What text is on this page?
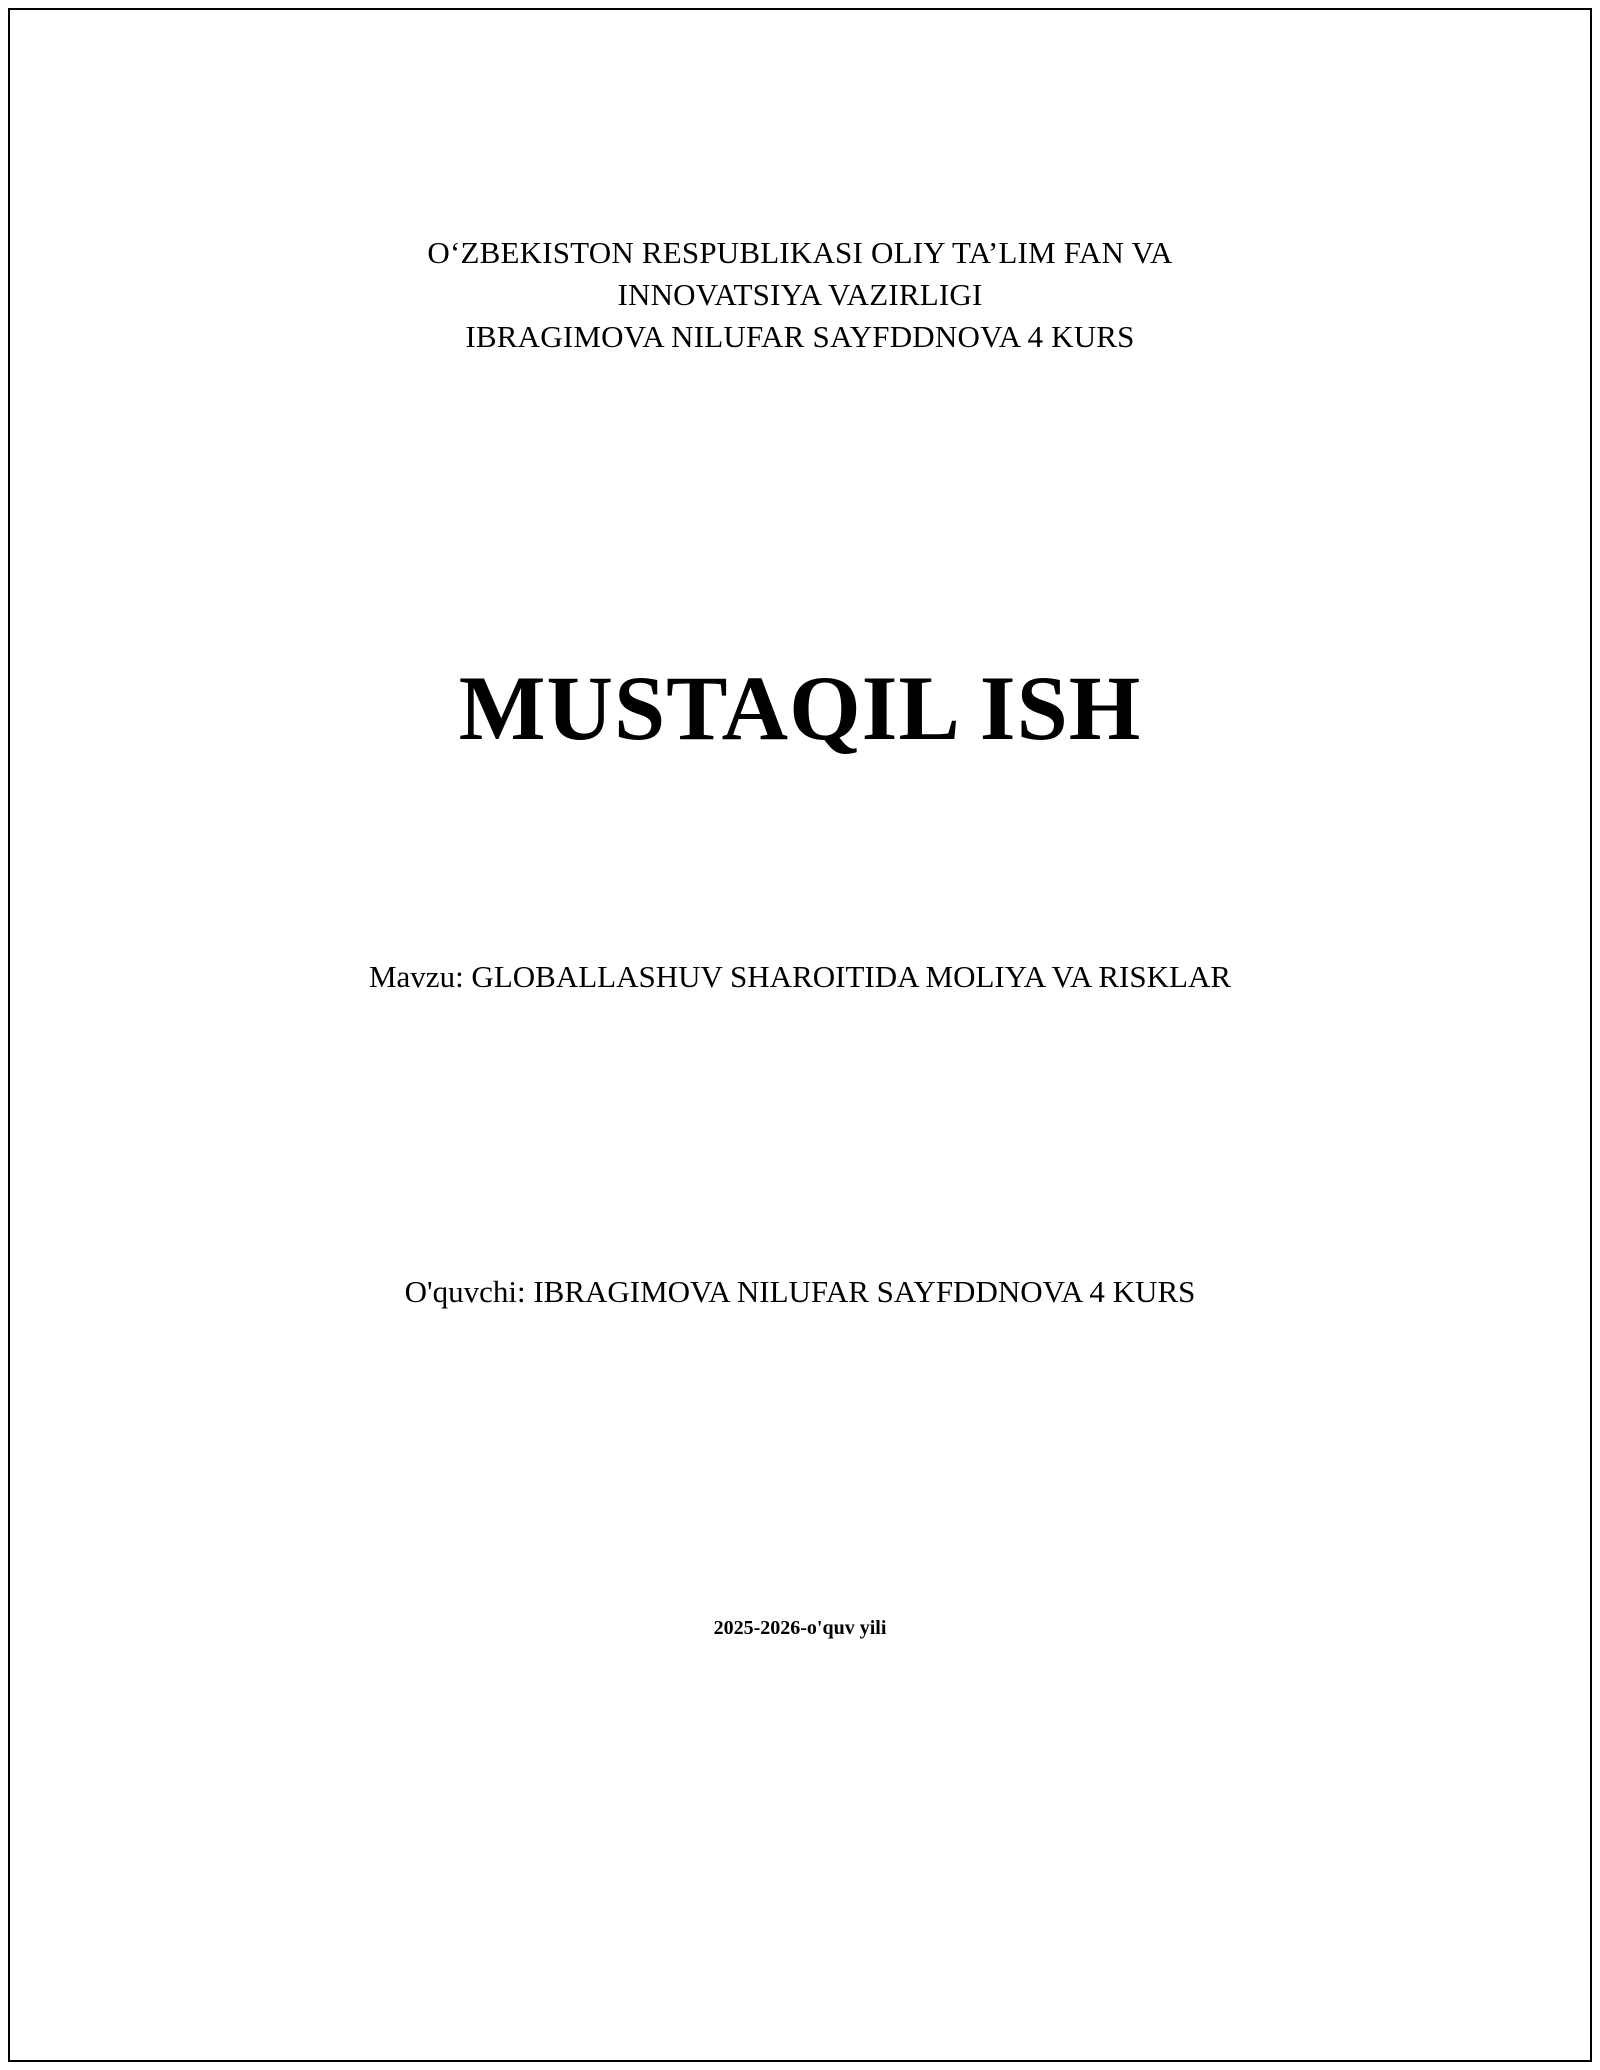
O‘ZBEKISTON RESPUBLIKASI OLIY TA’LIM FAN VA
INNOVATSIYA VAZIRLIGI
IBRAGIMOVA NILUFAR SAYFDDNOVA 4 KURS
MUSTAQIL ISH
Mavzu: GLOBALLASHUV SHAROITIDA MOLIYA VA RISKLAR
O'quvchi: IBRAGIMOVA NILUFAR SAYFDDNOVA 4 KURS
2025-2026-o'quv yili
